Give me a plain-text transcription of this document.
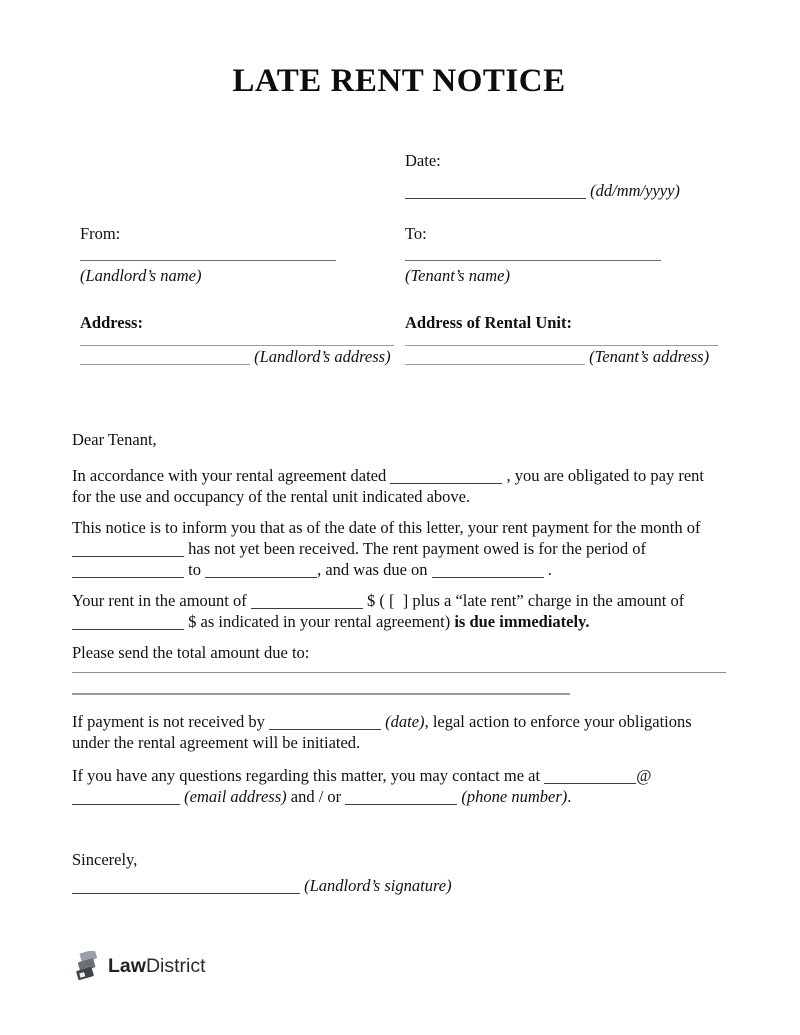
LATE RENT NOTICE
Date:
(dd/mm/yyyy)
From:
(Landlord’s name)
To:
(Tenant’s name)
Address:
(Landlord’s address)
Address of Rental Unit:
(Tenant’s address)
Dear Tenant,

In accordance with your rental agreement dated	, you are obligated to pay rent for the use and occupancy of the rental unit indicated above.

This notice is to inform you that as of the date of this letter, your rent payment for the month of  has not yet been received. The rent payment owed is for the period of  to	, and was due on	.

Your rent in the amount of	$ ( [  ] plus a “late rent” charge in the amount of  $ as indicated in your rental agreement) is due immediately.

Please send the total amount due to:

If payment is not received by	(date), legal action to enforce your obligations under the rental agreement will be initiated.

If you have any questions regarding this matter, you may contact me at	@ (email address) and / or	(phone number).

Sincerely,
(Landlord’s signature)
LawDistrict
